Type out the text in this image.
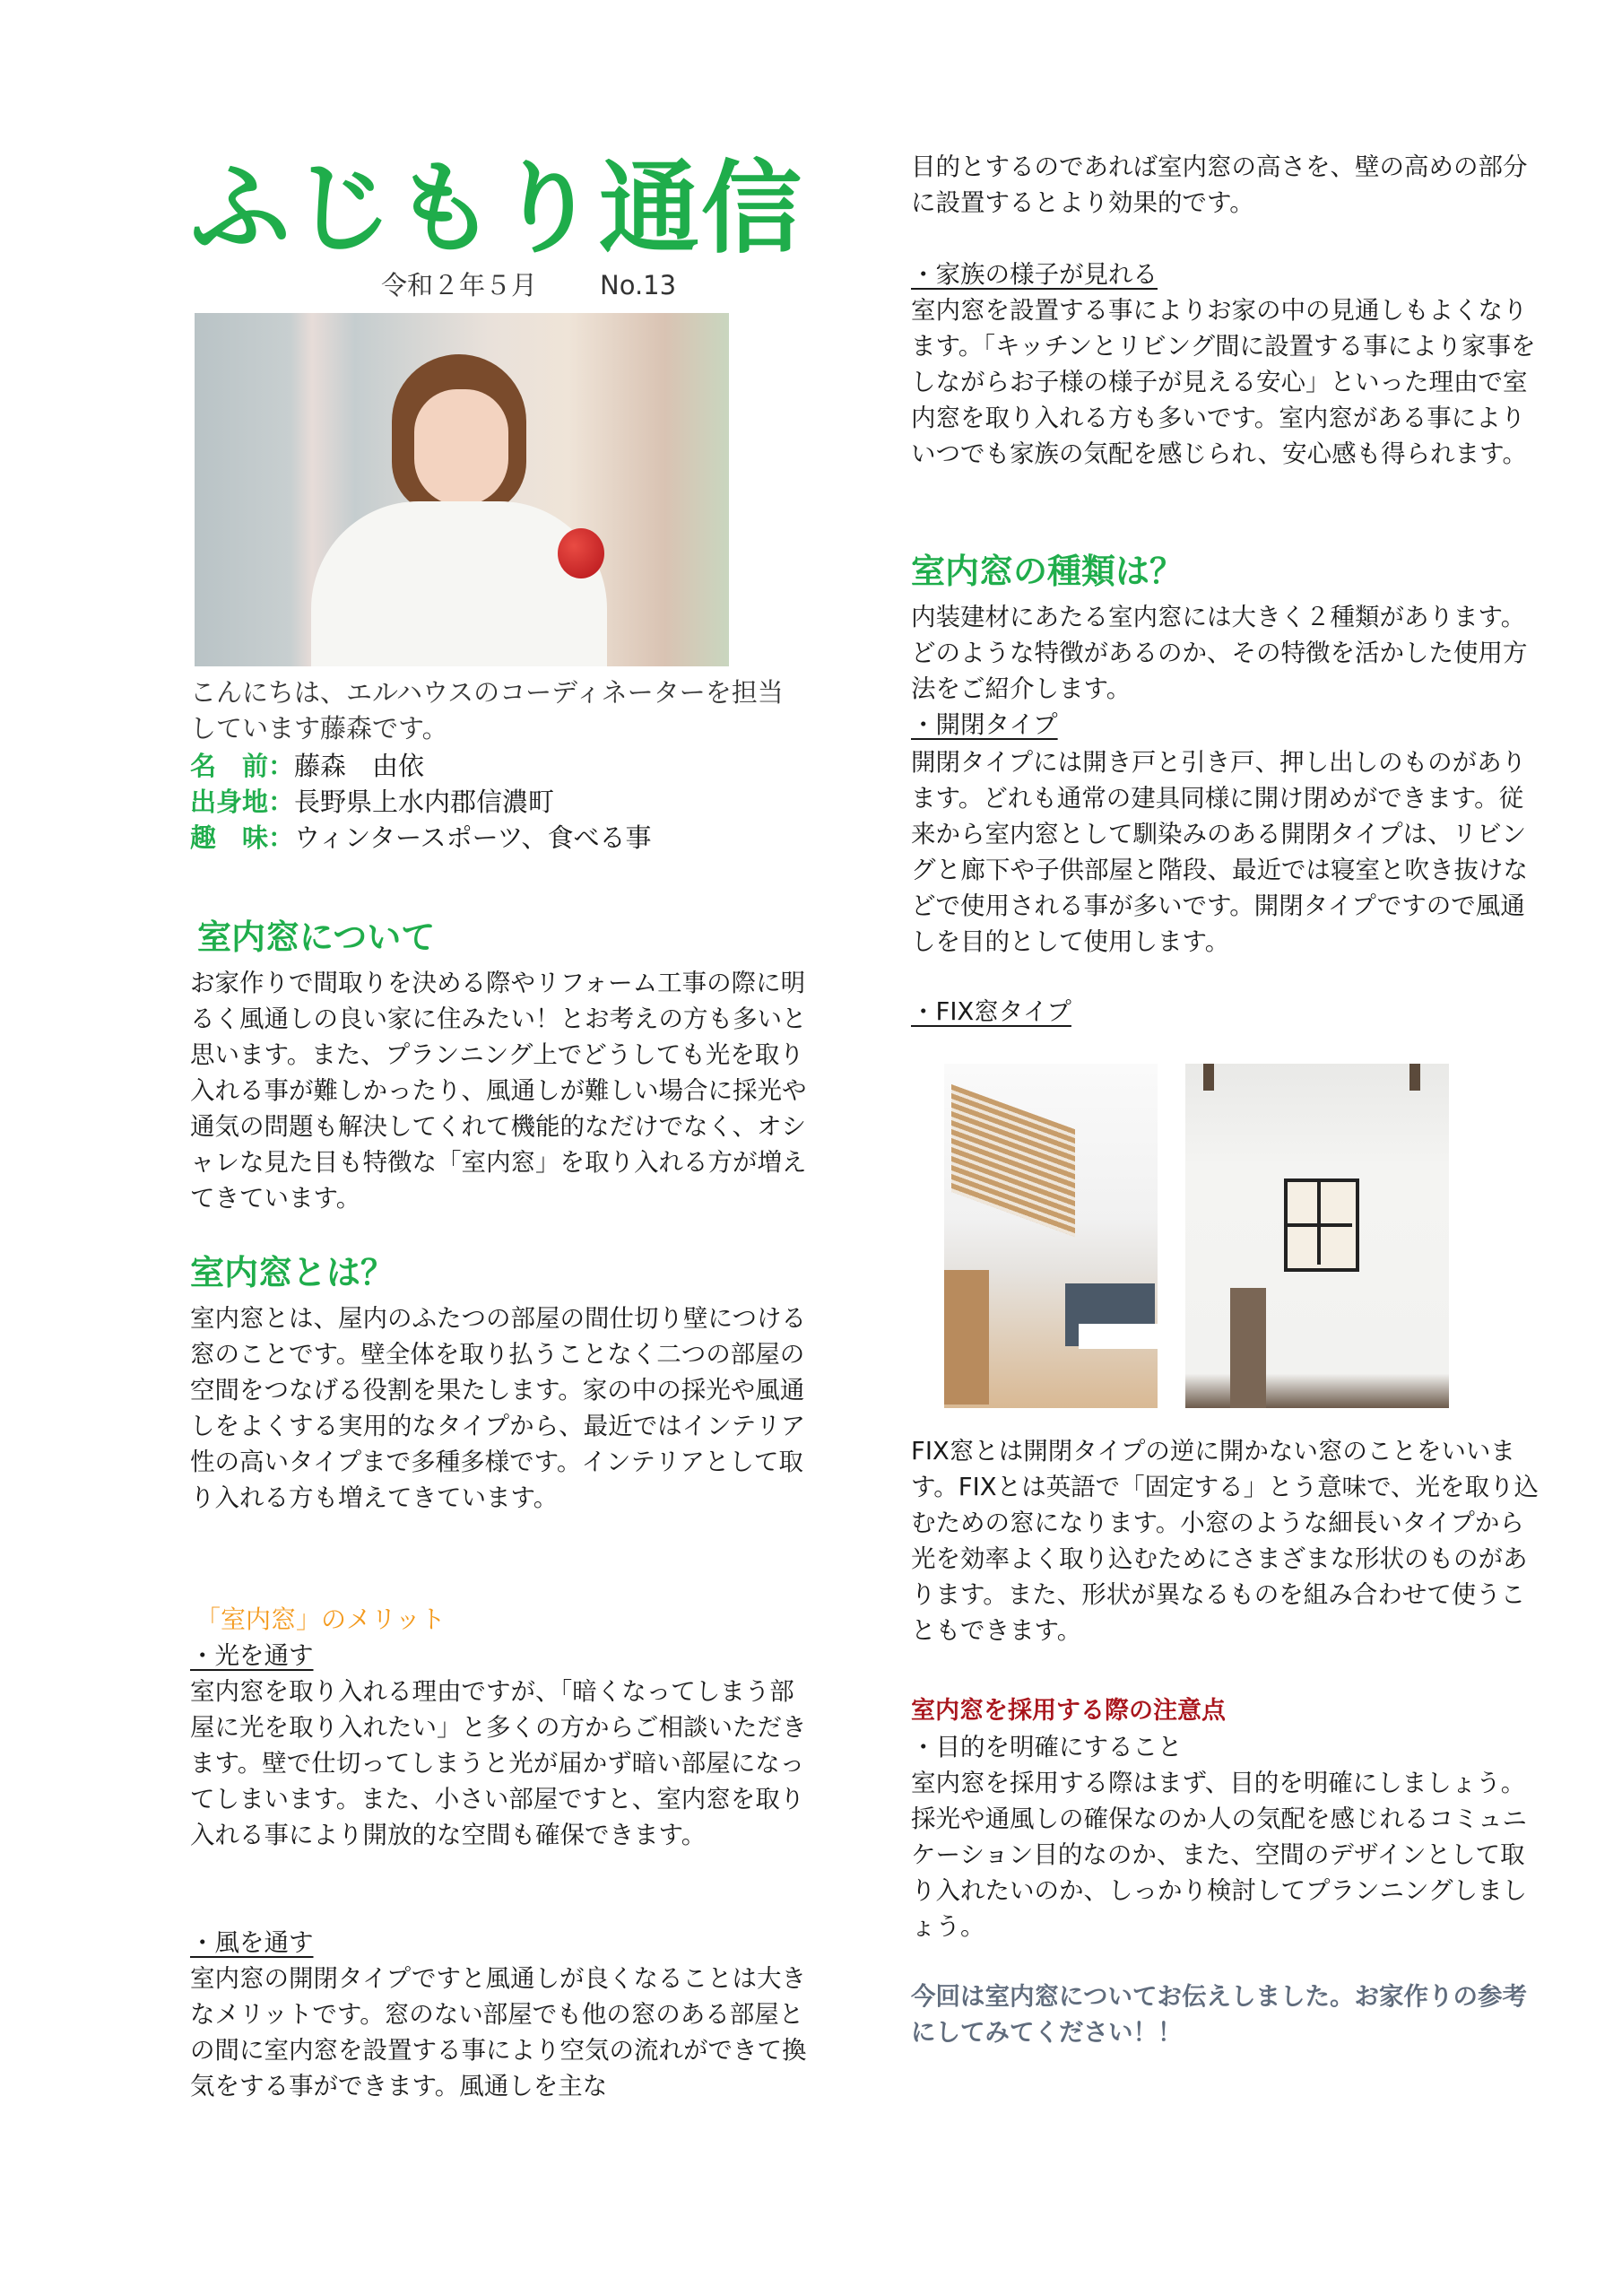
ふじもり通信
令和２年５月 No.13
こんにちは、エルハウスのコーディネーターを担当しています藤森です。
名　前：藤森　由依
出身地：長野県上水内郡信濃町
趣　味：ウィンタースポーツ、食べる事
室内窓について

お家作りで間取りを決める際やリフォーム工事の際に明るく風通しの良い家に住みたい！とお考えの方も多いと思います。また、プランニング上でどうしても光を取り入れる事が難しかったり、風通しが難しい場合に採光や通気の問題も解決してくれて機能的なだけでなく、オシャレな見た目も特徴な「室内窓」を取り入れる方が増えてきています。

室内窓とは？

室内窓とは、屋内のふたつの部屋の間仕切り壁につける窓のことです。壁全体を取り払うことなく二つの部屋の空間をつなげる役割を果たします。家の中の採光や風通しをよくする実用的なタイプから、最近ではインテリア性の高いタイプまで多種多様です。インテリアとして取り入れる方も増えてきています。

「室内窓」のメリット
・光を通す

室内窓を取り入れる理由ですが、「暗くなってしまう部屋に光を取り入れたい」と多くの方からご相談いただきます。壁で仕切ってしまうと光が届かず暗い部屋になってしまいます。また、小さい部屋ですと、室内窓を取り入れる事により開放的な空間も確保できます。

・風を通す

室内窓の開閉タイプですと風通しが良くなることは大きなメリットです。窓のない部屋でも他の窓のある部屋との間に室内窓を設置する事により空気の流れができて換気をする事ができます。風通しを主な

目的とするのであれば室内窓の高さを、壁の高めの部分に設置するとより効果的です。

・家族の様子が見れる

室内窓を設置する事によりお家の中の見通しもよくなります。「キッチンとリビング間に設置する事により家事をしながらお子様の様子が見える安心」といった理由で室内窓を取り入れる方も多いです。室内窓がある事によりいつでも家族の気配を感じられ、安心感も得られます。

室内窓の種類は？

内装建材にあたる室内窓には大きく２種類があります。どのような特徴があるのか、その特徴を活かした使用方法をご紹介します。

・開閉タイプ

開閉タイプには開き戸と引き戸、押し出しのものがあります。どれも通常の建具同様に開け閉めができます。従来から室内窓として馴染みのある開閉タイプは、リビングと廊下や子供部屋と階段、最近では寝室と吹き抜けなどで使用される事が多いです。開閉タイプですので風通しを目的として使用します。

・FIX窓タイプ

FIX窓とは開閉タイプの逆に開かない窓のことをいいます。FIXとは英語で「固定する」とう意味で、光を取り込むための窓になります。小窓のような細長いタイプから光を効率よく取り込むためにさまざまな形状のものがあります。また、形状が異なるものを組み合わせて使うこともできます。

室内窓を採用する際の注意点
・目的を明確にすること

室内窓を採用する際はまず、目的を明確にしましょう。採光や通風しの確保なのか人の気配を感じれるコミュニケーション目的なのか、また、空間のデザインとして取り入れたいのか、しっかり検討してプランニングしましょう。

今回は室内窓についてお伝えしました。お家作りの参考にしてみてください！！
